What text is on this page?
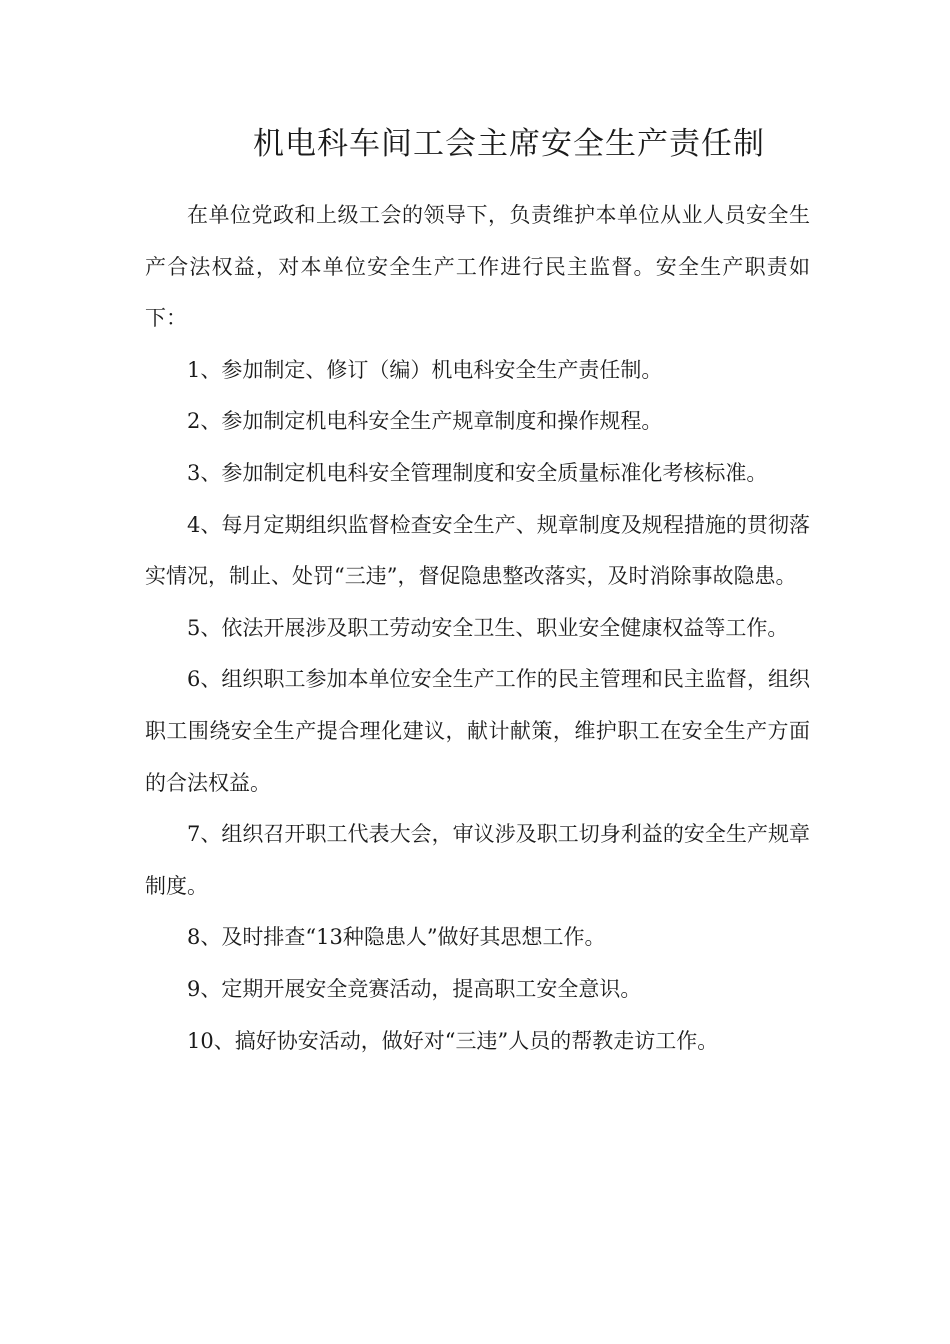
机电科车间工会主席安全生产责任制

在单位党政和上级工会的领导下，负责维护本单位从业人员安全生产合法权益，对本单位安全生产工作进行民主监督。安全生产职责如下：

1、参加制定、修订（编）机电科安全生产责任制。

2、参加制定机电科安全生产规章制度和操作规程。

3、参加制定机电科安全管理制度和安全质量标准化考核标准。

4、每月定期组织监督检查安全生产、规章制度及规程措施的贯彻落实情况，制止、处罚“三违”，督促隐患整改落实，及时消除事故隐患。

5、依法开展涉及职工劳动安全卫生、职业安全健康权益等工作。

6、组织职工参加本单位安全生产工作的民主管理和民主监督，组织职工围绕安全生产提合理化建议，献计献策，维护职工在安全生产方面的合法权益。

7、组织召开职工代表大会，审议涉及职工切身利益的安全生产规章制度。

8、及时排查“13种隐患人”做好其思想工作。

9、定期开展安全竞赛活动，提高职工安全意识。

10、搞好协安活动，做好对“三违”人员的帮教走访工作。
